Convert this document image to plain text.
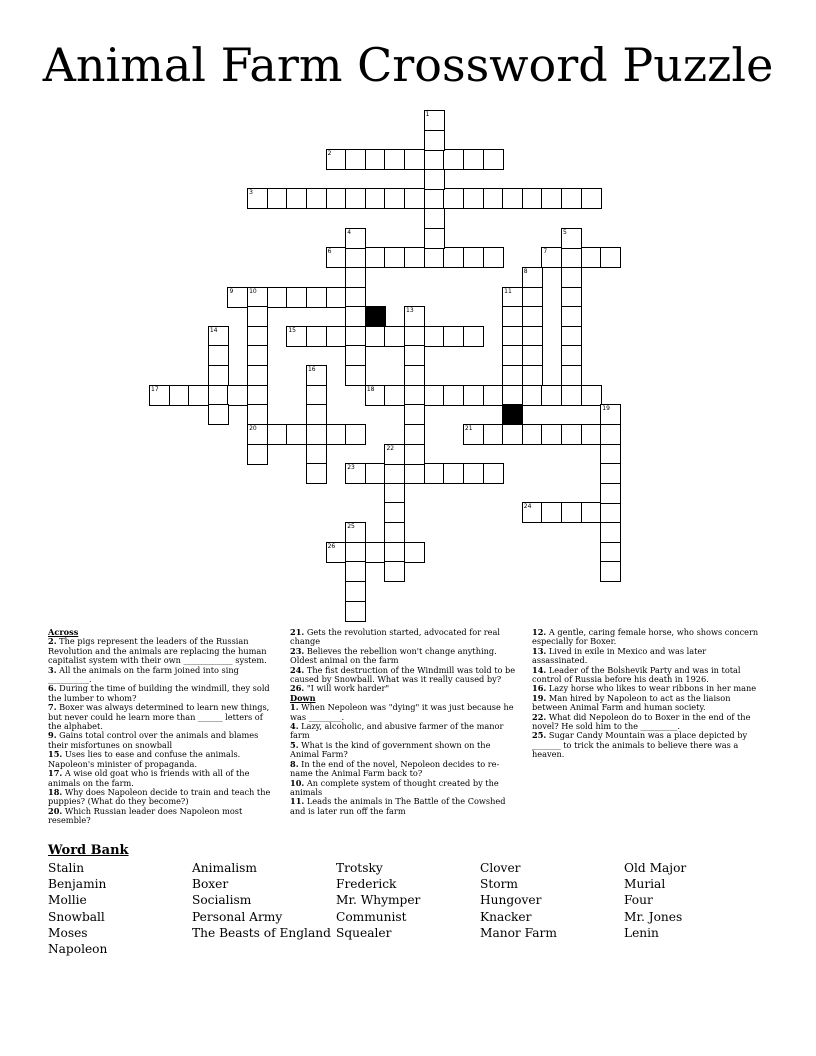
Animal Farm Crossword Puzzle
2
3
6	7
9	10
15
17	18
20	21
23
24
26
1
4	5
8
11
13
14
16
19
22
25
Across
2. The pigs represent the leaders of the Russian Revolution and the animals are replacing the human capitalist system with their own ____________ system.
3. All the animals on the farm joined into sing __________.
6. During the time of building the windmill, they sold the lumber to whom?
7. Boxer was always determined to learn new things, but never could he learn more than ______ letters of the alphabet.
9. Gains total control over the animals and blames their misfortunes on snowball
15. Uses lies to ease and confuse the animals. Napoleon's minister of propaganda.
17. A wise old goat who is friends with all of the animals on the farm.
18. Why does Napoleon decide to train and teach the puppies? (What do they become?)
20. Which Russian leader does Napoleon most resemble?
21. Gets the revolution started, advocated for real change
23. Believes the rebellion won't change anything. Oldest animal on the farm
24. The fist destruction of the Windmill was told to be caused by Snowball. What was it really caused by?
26. "I will work harder"
Down
1. When Nepoleon was "dying" it was just because he was ________.
4. Lazy, alcoholic, and abusive farmer of the manor farm
5. What is the kind of government shown on the Animal Farm?
8. In the end of the novel, Nepoleon decides to re-name the Animal Farm back to?
10. An complete system of thought created by the animals
11. Leads the animals in The Battle of the Cowshed and is later run off the farm
12. A gentle, caring female horse, who shows concern especially for Boxer.
13. Lived in exile in Mexico and was later assassinated.
14. Leader of the Bolshevik Party and was in total control of Russia before his death in 1926.
16. Lazy horse who likes to wear ribbons in her mane
19. Man hired by Napoleon to act as the liaison between Animal Farm and human society.
22. What did Nepoleon do to Boxer in the end of the novel? He sold him to the _________.
25. Sugar Candy Mountain was a place depicted by _______ to trick the animals to believe there was a heaven.
Word Bank
Stalin
Benjamin
Mollie
Snowball
Moses
Napoleon
Animalism
Boxer
Socialism
Personal Army
The Beasts of England
Trotsky
Frederick
Mr. Whymper
Communist
Squealer
Clover
Storm
Hungover
Knacker
Manor Farm
Old Major
Murial
Four
Mr. Jones
Lenin
